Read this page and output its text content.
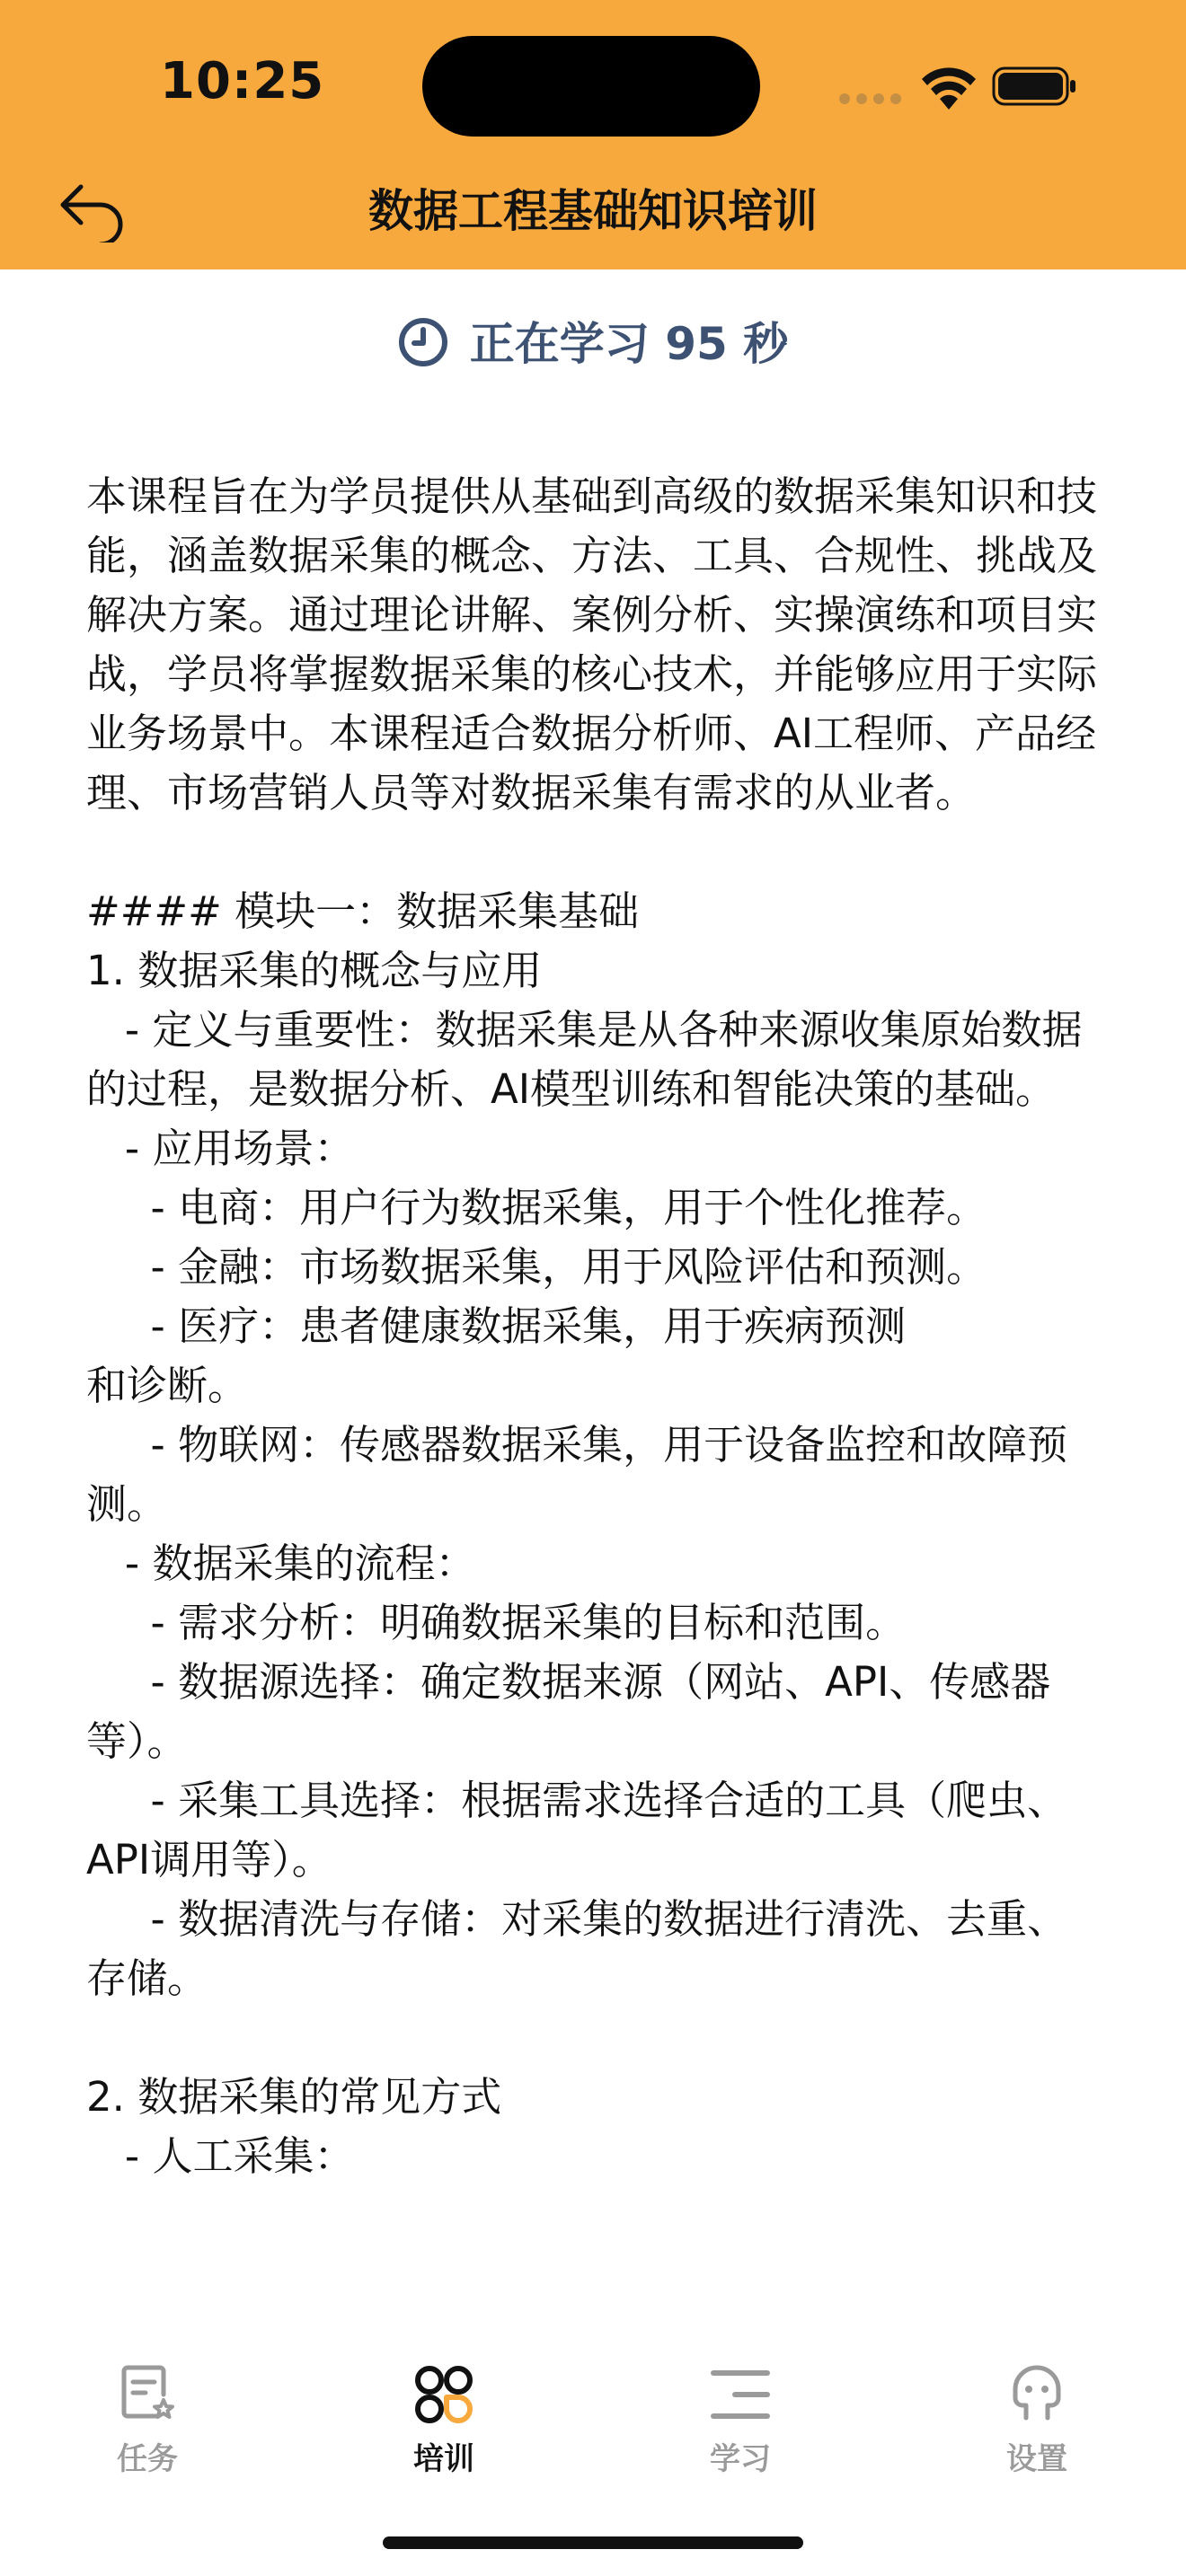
10:25
数据工程基础知识培训
正在学习 95 秒
本课程旨在为学员提供从基础到高级的数据采集知识和技能，涵盖数据采集的概念、方法、工具、合规性、挑战及解决方案。通过理论讲解、案例分析、实操演练和项目实战，学员将掌握数据采集的核心技术，并能够应用于实际业务场景中。本课程适合数据分析师、AI工程师、产品经理、市场营销人员等对数据采集有需求的从业者。

#### 模块一：数据采集基础
1. 数据采集的概念与应用
- 定义与重要性：数据采集是从各种来源收集原始数据的过程，是数据分析、AI模型训练和智能决策的基础。
- 应用场景：
- 电商：用户行为数据采集，用于个性化推荐。
- 金融：市场数据采集，用于风险评估和预测。
- 医疗：患者健康数据采集，用于疾病预测
和诊断。
- 物联网：传感器数据采集，用于设备监控和故障预测。
- 数据采集的流程：
- 需求分析：明确数据采集的目标和范围。
- 数据源选择：确定数据来源（网站、API、传感器等）。
- 采集工具选择：根据需求选择合适的工具（爬虫、API调用等）。
- 数据清洗与存储：对采集的数据进行清洗、去重、存储。

2. 数据采集的常见方式
- 人工采集：
任务	培训	学习	设置
